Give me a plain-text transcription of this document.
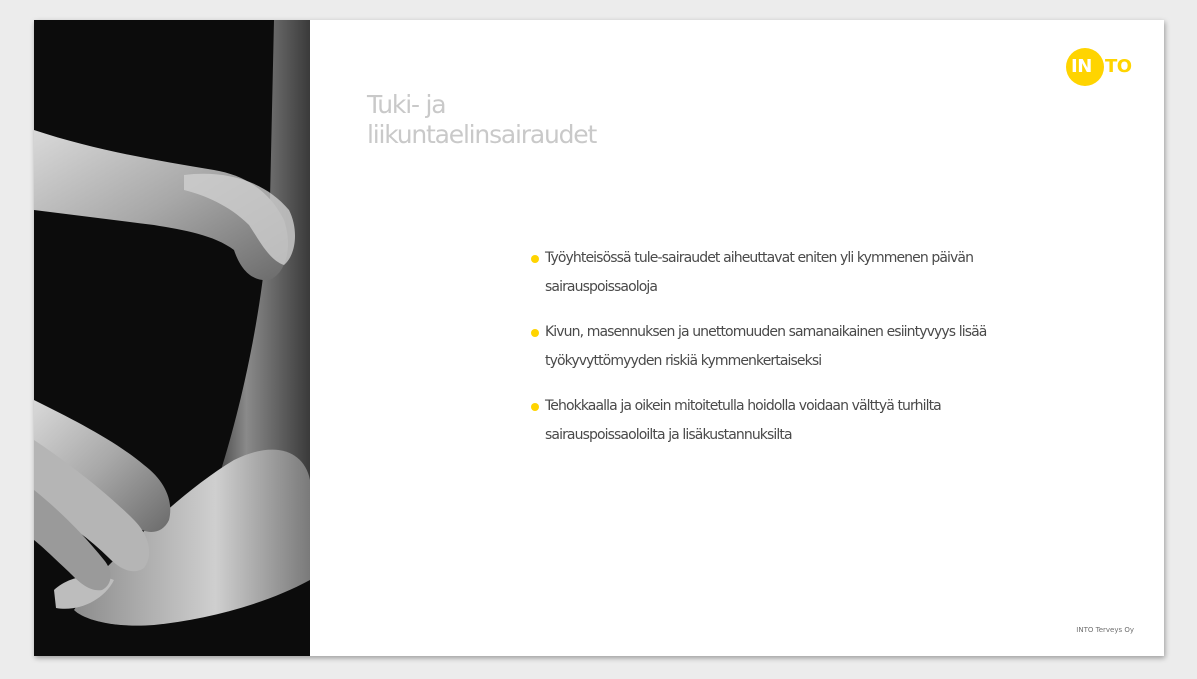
Tuki- ja
liikuntaelinsairaudet
IN TO
Työyhteisössä tule-sairaudet aiheuttavat eniten yli kymmenen päivän sairauspoissaoloja
Kivun, masennuksen ja unettomuuden samanaikainen esiintyvyys lisää työkyvyttömyyden riskiä kymmenkertaiseksi
Tehokkaalla ja oikein mitoitetulla hoidolla voidaan välttyä turhilta sairauspoissaoloilta ja lisäkustannuksilta
INTO Terveys Oy
